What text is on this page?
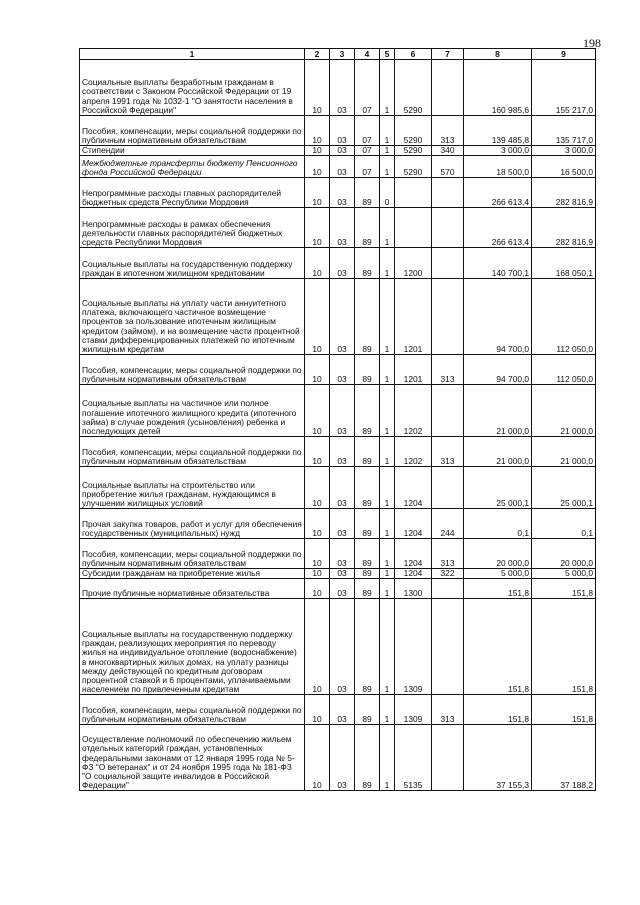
198
1	2	3	4	5	6	7	8	9
Социальные выплаты безработным гражданам в соответствии с Законом Российской Федерации от 19 апреля 1991 года № 1032-1 "О занятости населения в Российской Федерации"	10	03	07	1	5290		160 985,6	155 217,0
Пособия, компенсации, меры социальной поддержки по публичным нормативным обязательствам	10	03	07	1	5290	313	139 485,8	135 717,0
Стипендии	10	03	07	1	5290	340	3 000,0	3 000,0
Межбюджетные трансферты бюджету Пенсионного фонда Российской Федерации	10	03	07	1	5290	570	18 500,0	16 500,0
Непрограммные расходы главных распорядителей бюджетных средств Республики Мордовия	10	03	89	0			266 613,4	282 816,9
Непрограммные расходы в рамках обеспечения деятельности главных распорядителей бюджетных средств Республики Мордовия	10	03	89	1			266 613,4	282 816,9
Социальные выплаты на государственную поддержку граждан в ипотечном жилищном кредитовании	10	03	89	1	1200		140 700,1	168 050,1
Социальные выплаты на уплату части аннуитетного платежа, включающего частичное возмещение процентов за пользование ипотечным жилищным кредитом (займом), и на возмещение части процентной ставки дифференцированных платежей по ипотечным жилищным кредитам	10	03	89	1	1201		94 700,0	112 050,0
Пособия, компенсации, меры социальной поддержки по публичным нормативным обязательствам	10	03	89	1	1201	313	94 700,0	112 050,0
Социальные выплаты на частичное или полное погашение ипотечного жилищного кредита (ипотечного займа) в случае рождения (усыновления) ребенка и последующих детей	10	03	89	1	1202		21 000,0	21 000,0
Пособия, компенсации, меры социальной поддержки по публичным нормативным обязательствам	10	03	89	1	1202	313	21 000,0	21 000,0
Социальные выплаты на строительство или приобретение жилья гражданам, нуждающимся в улучшении жилищных условий	10	03	89	1	1204		25 000,1	25 000,1
Прочая закупка товаров, работ и услуг для обеспечения государственных (муниципальных) нужд	10	03	89	1	1204	244	0,1	0,1
Пособия, компенсации, меры социальной поддержки по публичным нормативным обязательствам	10	03	89	1	1204	313	20 000,0	20 000,0
Субсидии гражданам на приобретение жилья	10	03	89	1	1204	322	5 000,0	5 000,0
Прочие публичные нормативные обязательства	10	03	89	1	1300		151,8	151,8
Социальные выплаты на государственную поддержку граждан, реализующих мероприятия по переводу жилья на индивидуальное отопление (водоснабжение) в многоквартирных жилых домах, на уплату разницы между действующей по кредитным договорам процентной ставкой и 6 процентами, уплачиваемыми населением по привлеченным кредитам	10	03	89	1	1309		151,8	151,8
Пособия, компенсации, меры социальной поддержки по публичным нормативным обязательствам	10	03	89	1	1309	313	151,8	151,8
Осуществление полномочий по обеспечению жильем отдельных категорий граждан, установленных федеральными законами от 12 января 1995 года № 5-ФЗ "О ветеранах" и от 24 ноября 1995 года № 181-ФЗ "О социальной защите инвалидов в Российской Федерации"	10	03	89	1	5135		37 155,3	37 188,2
